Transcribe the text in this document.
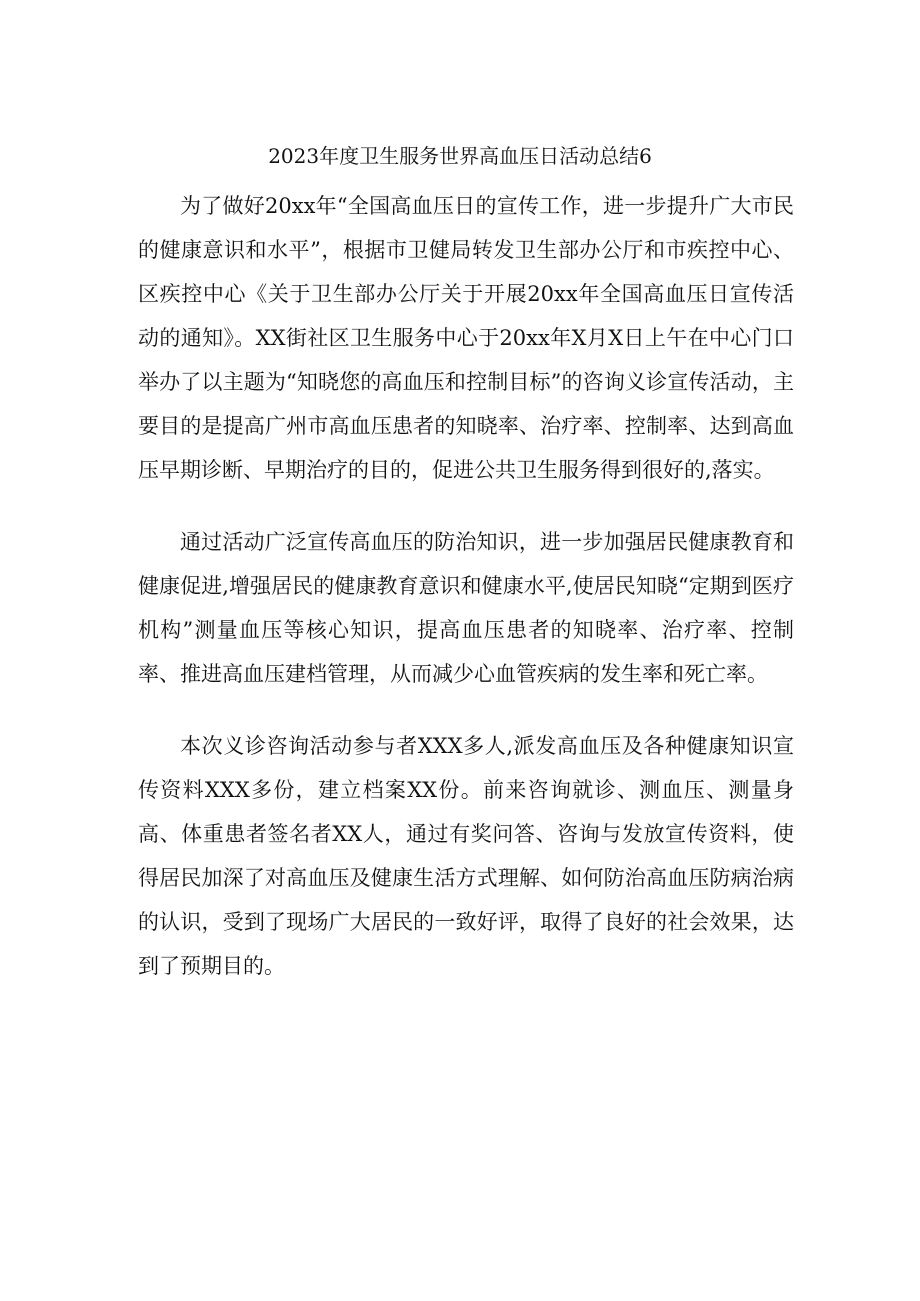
2023年度卫生服务世界高血压日活动总结6

为了做好20xx年“全国高血压日的宣传工作，进一步提升广大市民的健康意识和水平”，根据市卫健局转发卫生部办公厅和市疾控中心、区疾控中心《关于卫生部办公厅关于开展20xx年全国高血压日宣传活动的通知》。XX街社区卫生服务中心于20xx年X月X日上午在中心门口举办了以主题为“知晓您的高血压和控制目标”的咨询义诊宣传活动，主要目的是提高广州市高血压患者的知晓率、治疗率、控制率、达到高血压早期诊断、早期治疗的目的，促进公共卫生服务得到很好的,落实。

通过活动广泛宣传高血压的防治知识，进一步加强居民健康教育和健康促进,增强居民的健康教育意识和健康水平,使居民知晓“定期到医疗机构”测量血压等核心知识，提高血压患者的知晓率、治疗率、控制率、推进高血压建档管理，从而减少心血管疾病的发生率和死亡率。

本次义诊咨询活动参与者XXX多人,派发高血压及各种健康知识宣传资料XXX多份，建立档案XX份。前来咨询就诊、测血压、测量身高、体重患者签名者XX人，通过有奖问答、咨询与发放宣传资料，使得居民加深了对高血压及健康生活方式理解、如何防治高血压防病治病的认识，受到了现场广大居民的一致好评，取得了良好的社会效果，达到了预期目的。
